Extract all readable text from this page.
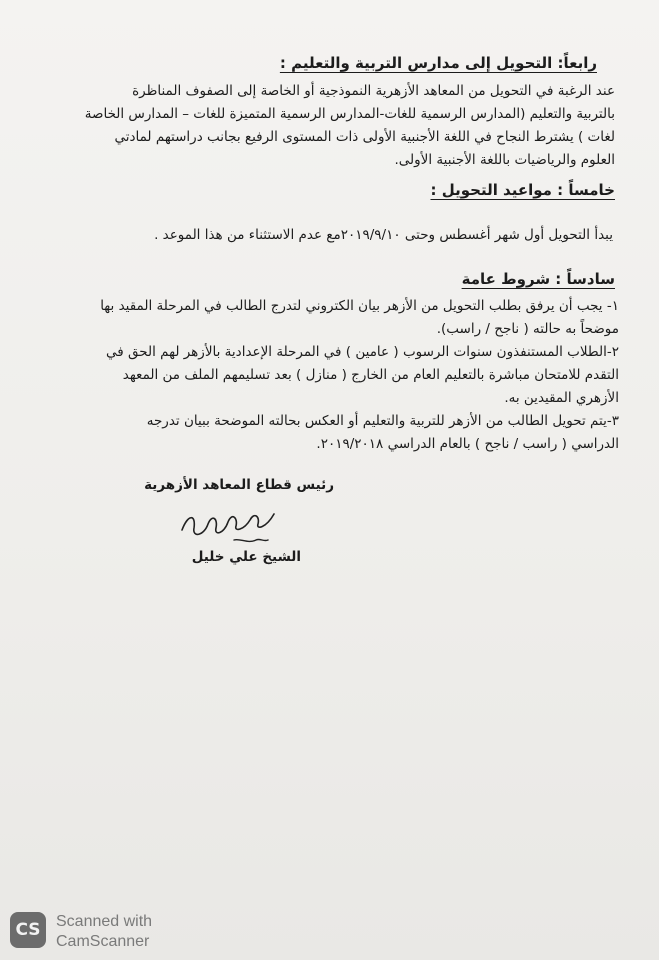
رابعاً: التحويل إلى مدارس التربية والتعليم :
عند الرغبة في التحويل من المعاهد الأزهرية النموذجية أو الخاصة إلى الصفوف المناظرة
بالتربية والتعليم (المدارس الرسمية للغات-المدارس الرسمية المتميزة للغات – المدارس الخاصة
لغات ) يشترط النجاح في اللغة الأجنبية الأولى ذات المستوى الرفيع بجانب دراستهم لمادتي
العلوم والرياضيات باللغة الأجنبية الأولى.
خامساً : مواعيد التحويل :
يبدأ التحويل أول شهر أغسطس وحتى ٢٠١٩/٩/١٠مع عدم الاستثناء من هذا الموعد .
سادساً : شروط عامة
١- يجب أن يرفق بطلب التحويل من الأزهر بيان الكتروني لتدرج الطالب في المرحلة المقيد بها
موضحاً به حالته ( ناجح / راسب).
٢-الطلاب المستنفذون سنوات الرسوب ( عامين ) في المرحلة الإعدادية بالأزهر لهم الحق في
التقدم للامتحان مباشرة بالتعليم العام من الخارج ( منازل ) بعد تسليمهم الملف من المعهد
الأزهري المقيدين به.
٣-يتم تحويل الطالب من الأزهر للتربية والتعليم أو العكس بحالته الموضحة ببيان تدرجه
الدراسي ( راسب / ناجح ) بالعام الدراسي ٢٠١٩/٢٠١٨.
رئيس قطاع المعاهد الأزهرية
الشيخ علي خليل
CS Scanned with
CamScanner
